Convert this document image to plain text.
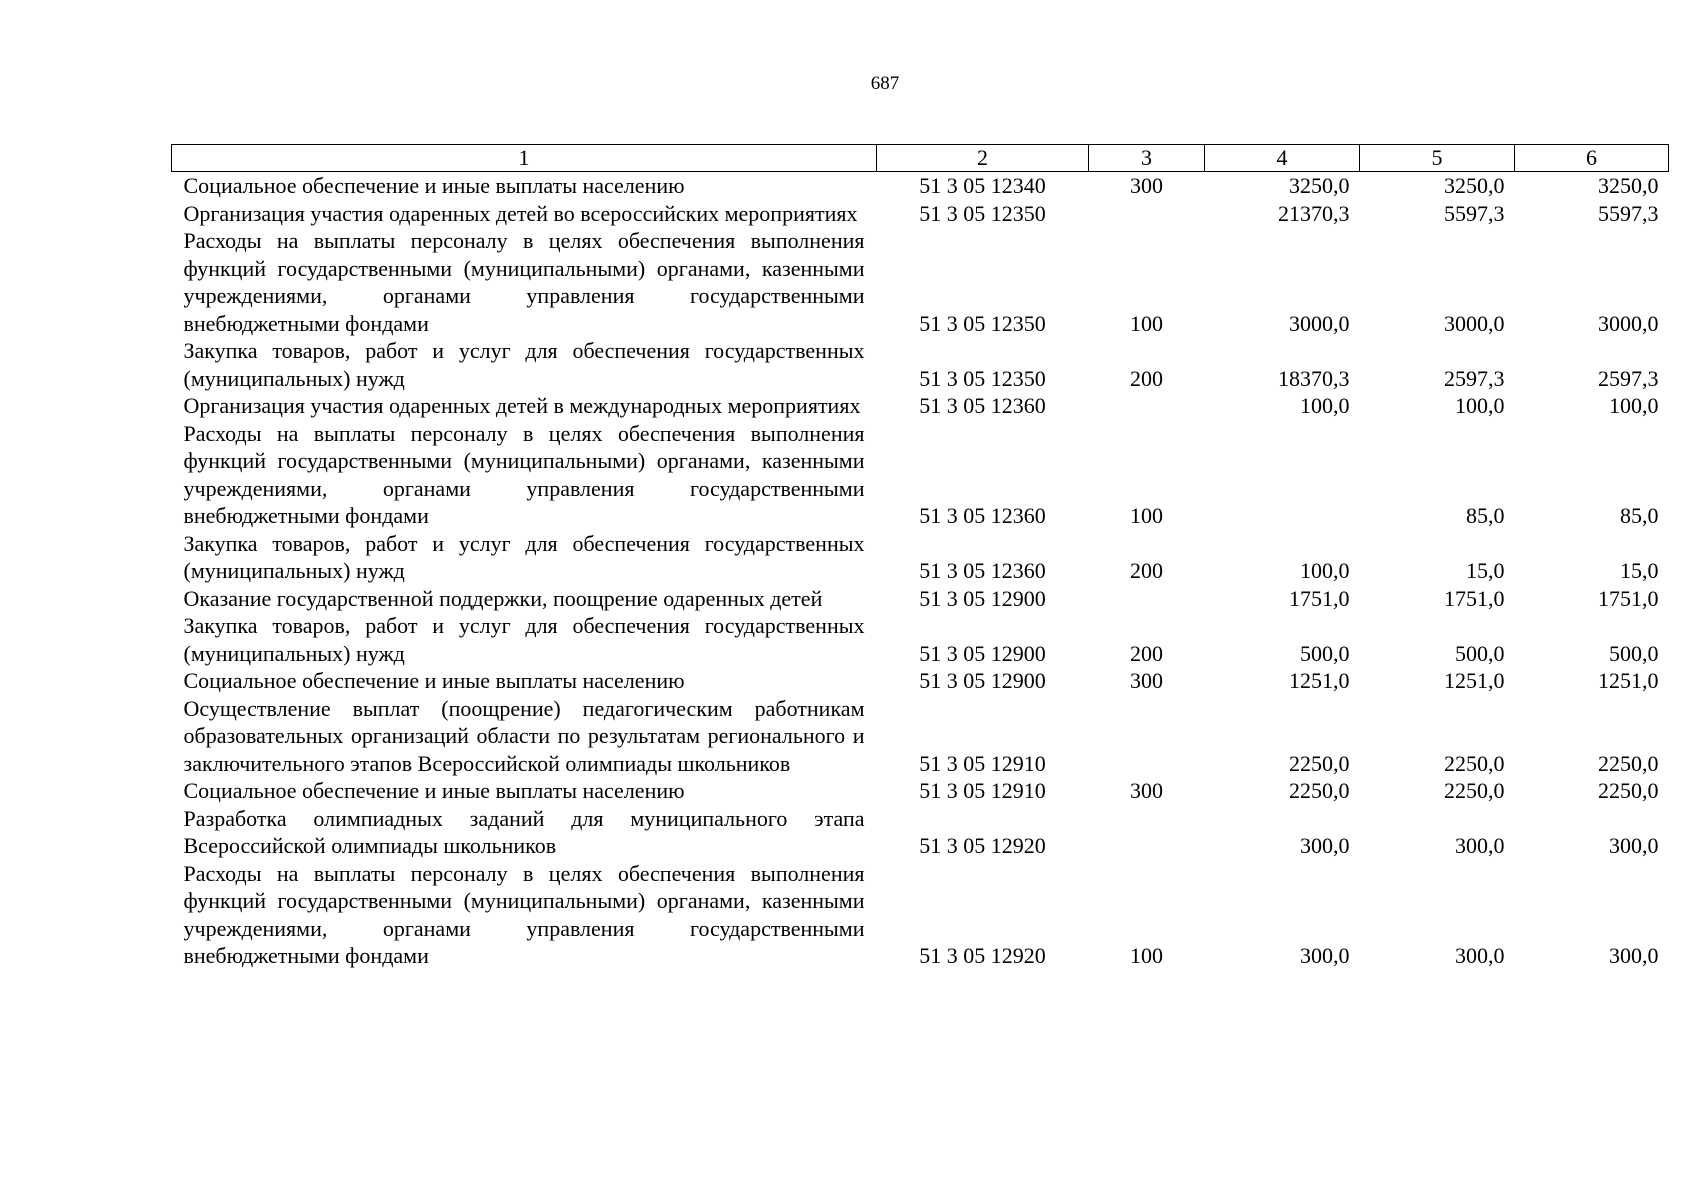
687
1	2	3	4	5	6
Социальное обеспечение и иные выплаты населению	51 3 05 12340	300	3250,0	3250,0	3250,0
Организация участия одаренных детей во всероссийских мероприятиях	51 3 05 12350		21370,3	5597,3	5597,3
Расходы на выплаты персоналу в целях обеспечения выполнения функций государственными (муниципальными) органами, казенными учреждениями, органами управления государственными внебюджетными фондами	51 3 05 12350	100	3000,0	3000,0	3000,0
Закупка товаров, работ и услуг для обеспечения государственных (муниципальных) нужд	51 3 05 12350	200	18370,3	2597,3	2597,3
Организация участия одаренных детей в международных мероприятиях	51 3 05 12360		100,0	100,0	100,0
Расходы на выплаты персоналу в целях обеспечения выполнения функций государственными (муниципальными) органами, казенными учреждениями, органами управления государственными внебюджетными фондами	51 3 05 12360	100		85,0	85,0
Закупка товаров, работ и услуг для обеспечения государственных (муниципальных) нужд	51 3 05 12360	200	100,0	15,0	15,0
Оказание государственной поддержки, поощрение одаренных детей	51 3 05 12900		1751,0	1751,0	1751,0
Закупка товаров, работ и услуг для обеспечения государственных (муниципальных) нужд	51 3 05 12900	200	500,0	500,0	500,0
Социальное обеспечение и иные выплаты населению	51 3 05 12900	300	1251,0	1251,0	1251,0
Осуществление выплат (поощрение) педагогическим работникам образовательных организаций области по результатам регионального и заключительного этапов Всероссийской олимпиады школьников	51 3 05 12910		2250,0	2250,0	2250,0
Социальное обеспечение и иные выплаты населению	51 3 05 12910	300	2250,0	2250,0	2250,0
Разработка олимпиадных заданий для муниципального этапа Всероссийской олимпиады школьников	51 3 05 12920		300,0	300,0	300,0
Расходы на выплаты персоналу в целях обеспечения выполнения функций государственными (муниципальными) органами, казенными учреждениями, органами управления государственными внебюджетными фондами	51 3 05 12920	100	300,0	300,0	300,0
